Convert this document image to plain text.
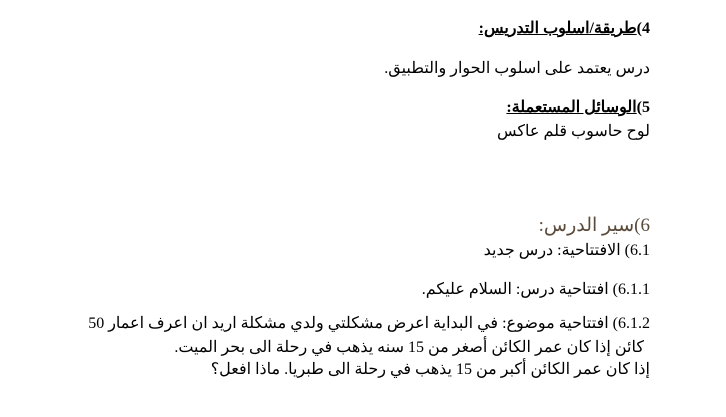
4)طريقة/اسلوب التدريس:
درس يعتمد على اسلوب الحوار والتطبيق.
5)الوسائل المستعملة:
لوح حاسوب قلم عاكس
6)سير الدرس:
6.1) الافتتاحية: درس جديد
6.1.1) افتتاحية درس: السلام عليكم.
6.1.2) افتتاحية موضوع: في البداية اعرض مشكلتي ولدي مشكلة اريد ان اعرف اعمار 50
كائن إذا كان عمر الكائن أصغر من 15 سنه يذهب في رحلة الى بحر الميت.
إذا كان عمر الكائن أكبر من 15 يذهب في رحلة الى طبريا. ماذا افعل؟
